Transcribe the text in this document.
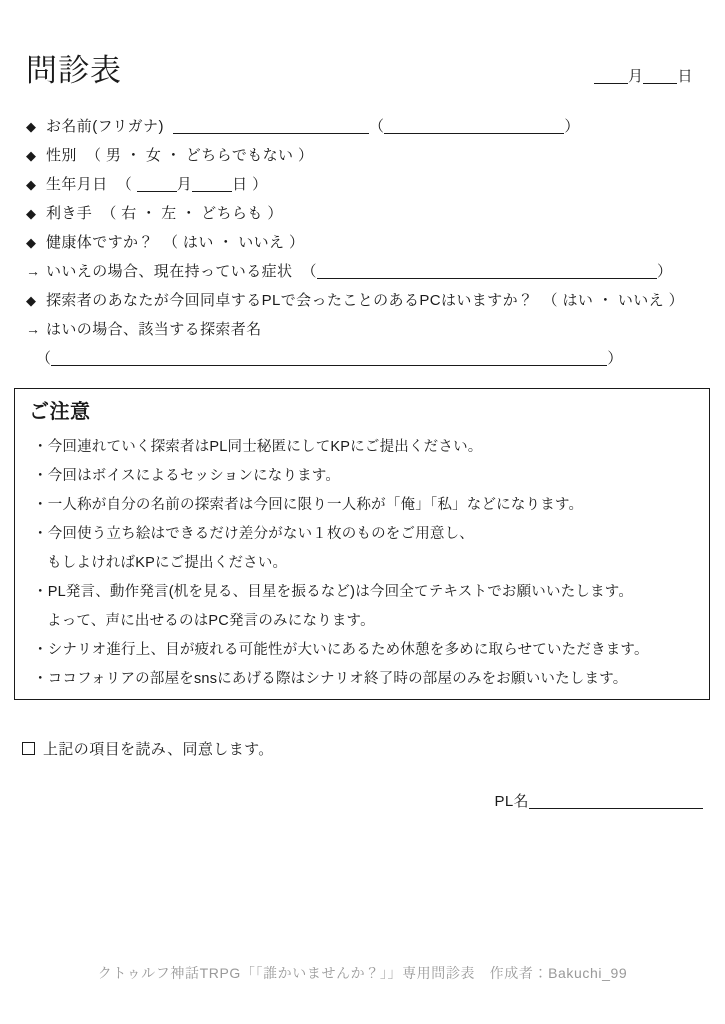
問診表	月 日
◆ お名前(フリガナ)	（	）
◆ 性別 （ 男 ・ 女 ・ どちらでもない ）
◆ 生年月日 （	月	日 ）
◆ 利き手 （ 右 ・ 左 ・ どちらも ）
◆ 健康体ですか？ （ はい ・ いいえ ）
→ いいえの場合、現在持っている症状 （	）
◆ 探索者のあなたが今回同卓するPLで会ったことのあるPCはいますか？ （ はい ・ いいえ ）
→ はいの場合、該当する探索者名
（	）
ご注意
・今回連れていく探索者はPL同士秘匿にしてKPにご提出ください。
・今回はボイスによるセッションになります。
・一人称が自分の名前の探索者は今回に限り一人称が「俺」「私」などになります。
・今回使う立ち絵はできるだけ差分がない１枚のものをご用意し、
もしよければKPにご提出ください。
・PL発言、動作発言(机を見る、目星を振るなど)は今回全てテキストでお願いいたします。
よって、声に出せるのはPC発言のみになります。
・シナリオ進行上、目が疲れる可能性が大いにあるため休憩を多めに取らせていただきます。
・ココフォリアの部屋をsnsにあげる際はシナリオ終了時の部屋のみをお願いいたします。
上記の項目を読み、同意します。
PL名
クトゥルフ神話TRPG「「誰かいませんか？」」専用問診表　作成者：Bakuchi_99
